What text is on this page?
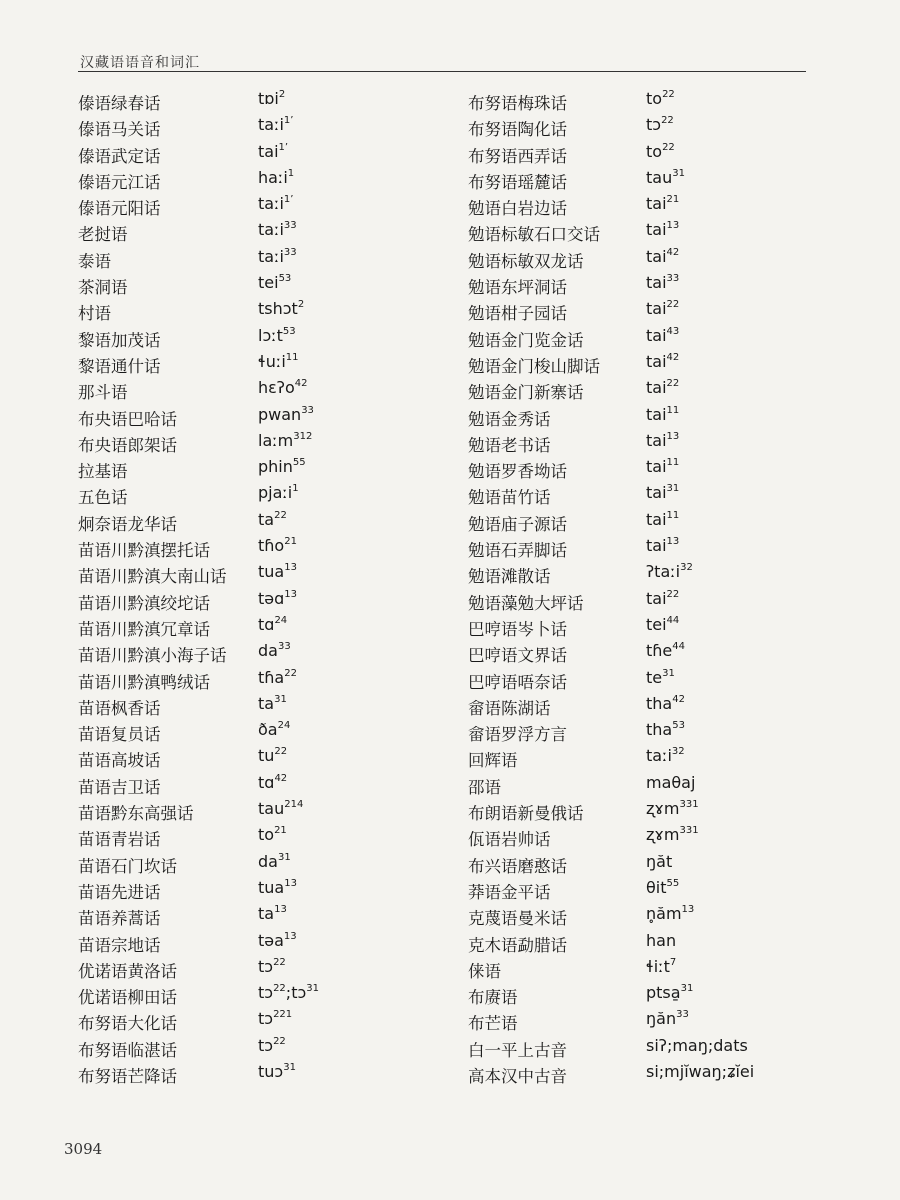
汉藏语语音和词汇
傣语绿春话	tɒi$^2$
傣语马关话	taːi$^{1’}$
傣语武定话	tai$^{1’}$
傣语元江话	haːi$^1$
傣语元阳话	taːi$^{1’}$
老挝语	taːi$^{33}$
泰语	taːi$^{33}$
茶洞语	tei$^{53}$
村语	tshɔt$^2$
黎语加茂话	lɔːt$^{53}$
黎语通什话	ɬuːi$^{11}$
那斗语	hɛʔo$^{42}$
布央语巴哈话	pwan$^{33}$
布央语郎架话	laːm$^{312}$
拉基语	phin$^{55}$
五色话	pjaːi$^1$
炯奈语龙华话	$ta^{22}$
苗语川黔滇摆托话	tɦo$^{21}$
苗语川黔滇大南山话 tua$^{13}$
苗语川黔滇绞坨话	təɑ$^{13}$
苗语川黔滇冗章话	tɑ$^{24}$
苗语川黔滇小海子话 $da^{33}$
苗语川黔滇鸭绒话	tɦa$^{22}$
苗语枫香话	$ta^{31}$
苗语复员话	$ða^{24}$
苗语高坡话	$tu^{22}$
苗语吉卫话	tɑ$^{42}$
苗语黔东高强话	tau$^{214}$
苗语青岩话	$to^{21}$
苗语石门坎话	$da^{31}$
苗语先进话	tua$^{13}$
苗语养蒿话	$ta^{13}$
苗语宗地话	təa$^{13}$
优诺语黄洛话	tɔ$^{22}$
优诺语柳田话	tɔ$^{22}$;tɔ$^{31}$
布努语大化话	tɔ$^{221}$
布努语临湛话	tɔ$^{22}$
布努语芒降话	tuɔ$^{31}$
布努语梅珠话	$to^{22}$
布努语陶化话	tɔ$^{22}$
布努语西弄话	$to^{22}$
布努语瑶麓话	tau$^{31}$
勉语白岩边话	tai$^{21}$
勉语标敏石口交话	tai$^{13}$
勉语标敏双龙话	tai$^{42}$
勉语东坪洞话	tai$^{33}$
勉语柑子园话	tai$^{22}$
勉语金门览金话	tai$^{43}$
勉语金门梭山脚话	tai$^{42}$
勉语金门新寨话	tai$^{22}$
勉语金秀话	tai$^{11}$
勉语老书话	tai$^{13}$
勉语罗香坳话	tai$^{11}$
勉语苗竹话	tai$^{31}$
勉语庙子源话	tai$^{11}$
勉语石弄脚话	tai$^{13}$
勉语滩散话	ʔtaːi$^{32}$
勉语藻勉大坪话	tai$^{22}$
巴哼语岑卜话	tei$^{44}$
巴哼语文界话	tɦe$^{44}$
巴哼语唔奈话	$te^{31}$
畲语陈湖话	tha$^{42}$
畲语罗浮方言	tha$^{53}$
回辉语	taːi$^{32}$
邵语	maθaj
布朗语新曼俄话	ʐɤm$^{331}$
佤语岩帅话	ʐɤm$^{331}$
布兴语磨憨话	ŋăt
莽语金平话	θit$^{55}$
克蔑语曼米话	$n̥ăm^{13}$
克木语勐腊话	han
俫语	ɬiːt$^7$
布赓语	ptsa̱$^{31}$
布芒语	ŋăn$^{33}$
白一平上古音	siʔ;maŋ;dats
高本汉中古音	si;mjĭwaŋ;ʑĭei
3094
